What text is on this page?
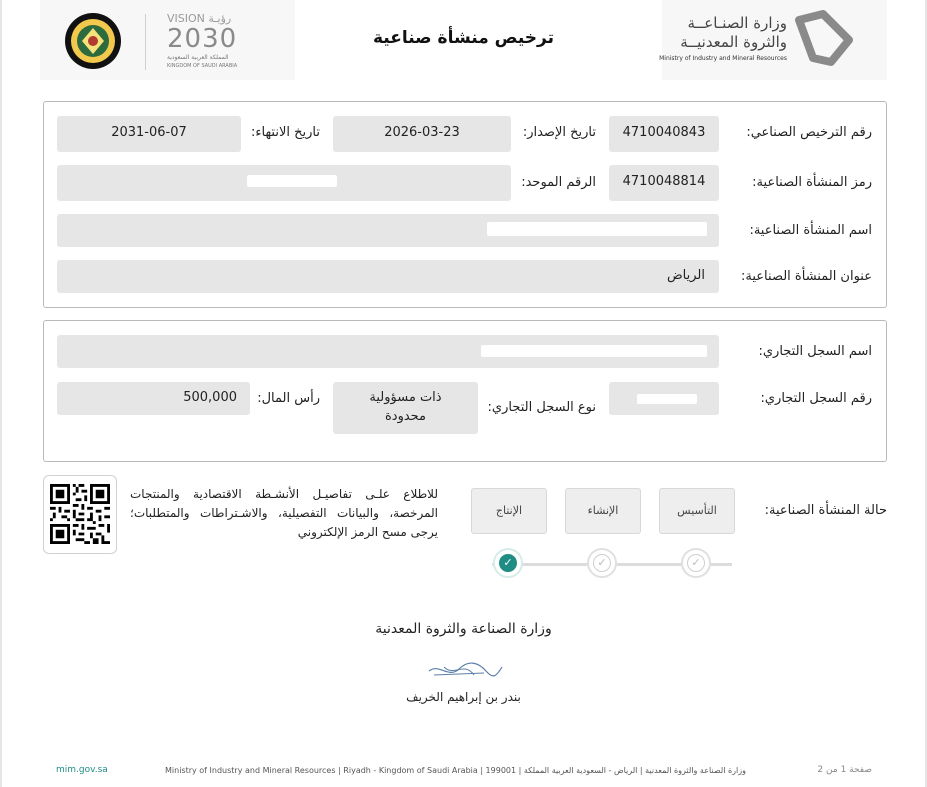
VISION رؤيـة
2030
المملكة العربية السعودية
KINGDOM OF SAUDI ARABIA
ترخيص منشأة صناعية
وزارة الصنـاعــة
والثروة المعدنيــة
Ministry of Industry and Mineral Resources
رقم الترخيص الصناعي:
4710040843
تاريخ الإصدار:
2026-03-23
تاريخ الانتهاء:
2031-06-07
رمز المنشأة الصناعية:
4710048814
الرقم الموحد:
اسم المنشأة الصناعية:
عنوان المنشأة الصناعية:
الرياض
اسم السجل التجاري:
رقم السجل التجاري:
نوع السجل التجاري:
ذات مسؤولية محدودة
رأس المال:
500,000
حالة المنشأة الصناعية:
التأسيس
الإنشاء
الإنتاج
✓
✓
✓
للاطلاع علـى تفاصيـل الأنشـطة الاقتصادية والمنتجات المرخصة، والبيانات التفصيلية، والاشـتراطات والمتطلبات؛ يرجى مسح الرمز الإلكتروني
وزارة الصناعة والثروة المعدنية
بندر بن إبراهيم الخريف
صفحة 1 من 2
Ministry of Industry and Mineral Resources | Riyadh - Kingdom of Saudi Arabia | 199001 | وزارة الصناعة والثروة المعدنية | الرياض - السعودية العربية المملكة
mim.gov.sa
